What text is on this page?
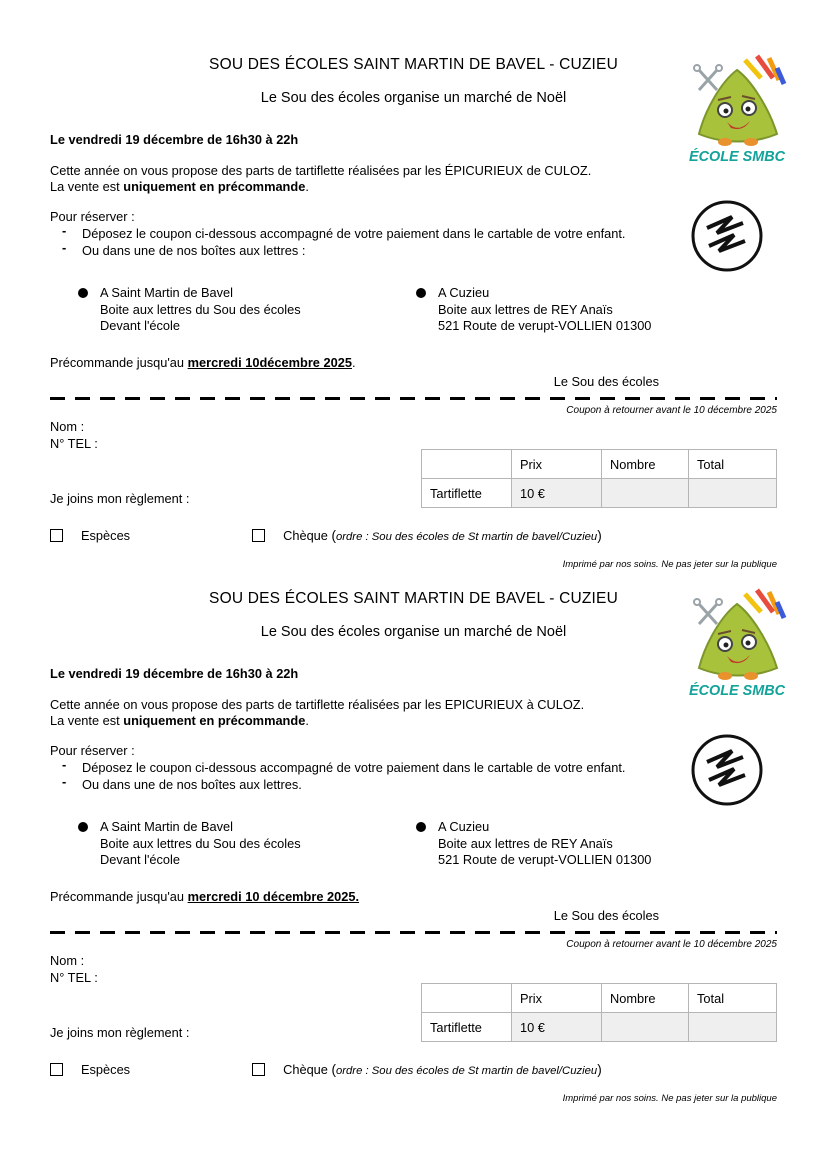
ÉCOLE SMBC
SOU DES ÉCOLES SAINT MARTIN DE BAVEL - CUZIEU
Le Sou des écoles organise un marché de Noël

Le vendredi 19 décembre de 16h30 à 22h

Cette année on vous propose des parts de tartiflette réalisées par les ÉPICURIEUX de CULOZ.
La vente est uniquement en précommande.

Pour réserver :

- Déposez le coupon ci-dessous accompagné de votre paiement dans le cartable de votre enfant.
- Ou dans une de nos boîtes aux lettres :
A Saint Martin de Bavel
Boite aux lettres du Sou des écoles
Devant l'école
A Cuzieu
Boite aux lettres de REY Anaïs
521 Route de verupt-VOLLIEN 01300

Précommande jusqu'au mercredi 10décembre 2025.

Le Sou des écoles

Coupon à retourner avant le 10 décembre 2025

Nom :

N° TEL :

Je joins mon règlement :

	Prix	Nombre	Total
Tartiflette	10 €		
Espèces	Chèque (ordre : Sou des écoles de St martin de bavel/Cuzieu)

Imprimé par nos soins. Ne pas jeter sur la publique

ÉCOLE SMBC
SOU DES ÉCOLES SAINT MARTIN DE BAVEL - CUZIEU
Le Sou des écoles organise un marché de Noël

Le vendredi 19 décembre de 16h30 à 22h

Cette année on vous propose des parts de tartiflette réalisées par les EPICURIEUX à CULOZ.
La vente est uniquement en précommande.

Pour réserver :

- Déposez le coupon ci-dessous accompagné de votre paiement dans le cartable de votre enfant.
- Ou dans une de nos boîtes aux lettres.
A Saint Martin de Bavel
Boite aux lettres du Sou des écoles
Devant l'école
A Cuzieu
Boite aux lettres de REY Anaïs
521 Route de verupt-VOLLIEN 01300

Précommande jusqu'au mercredi 10 décembre 2025.

Le Sou des écoles

Coupon à retourner avant le 10 décembre 2025

Nom :

N° TEL :

Je joins mon règlement :

	Prix	Nombre	Total
Tartiflette	10 €		
Espèces	Chèque (ordre : Sou des écoles de St martin de bavel/Cuzieu)

Imprimé par nos soins. Ne pas jeter sur la publique
